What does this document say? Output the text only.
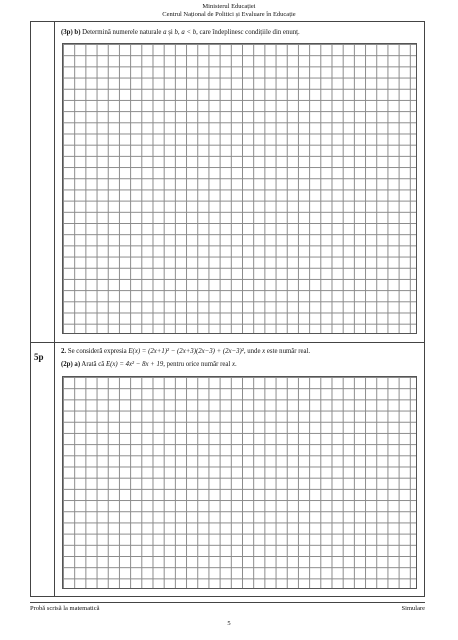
Ministerul Educației
Centrul Național de Politici și Evaluare în Educație
(3p) b) Determină numerele naturale a și b, a < b, care îndeplinesc condițiile din enunț.
5p
2. Se consideră expresia E(x) = (2x+1)² − (2x+3)(2x−3) + (2x−3)², unde x este număr real.
(2p) a) Arată că E(x) = 4x² − 8x + 19, pentru orice număr real x.
Probă scrisă la matematică	Simulare
5
